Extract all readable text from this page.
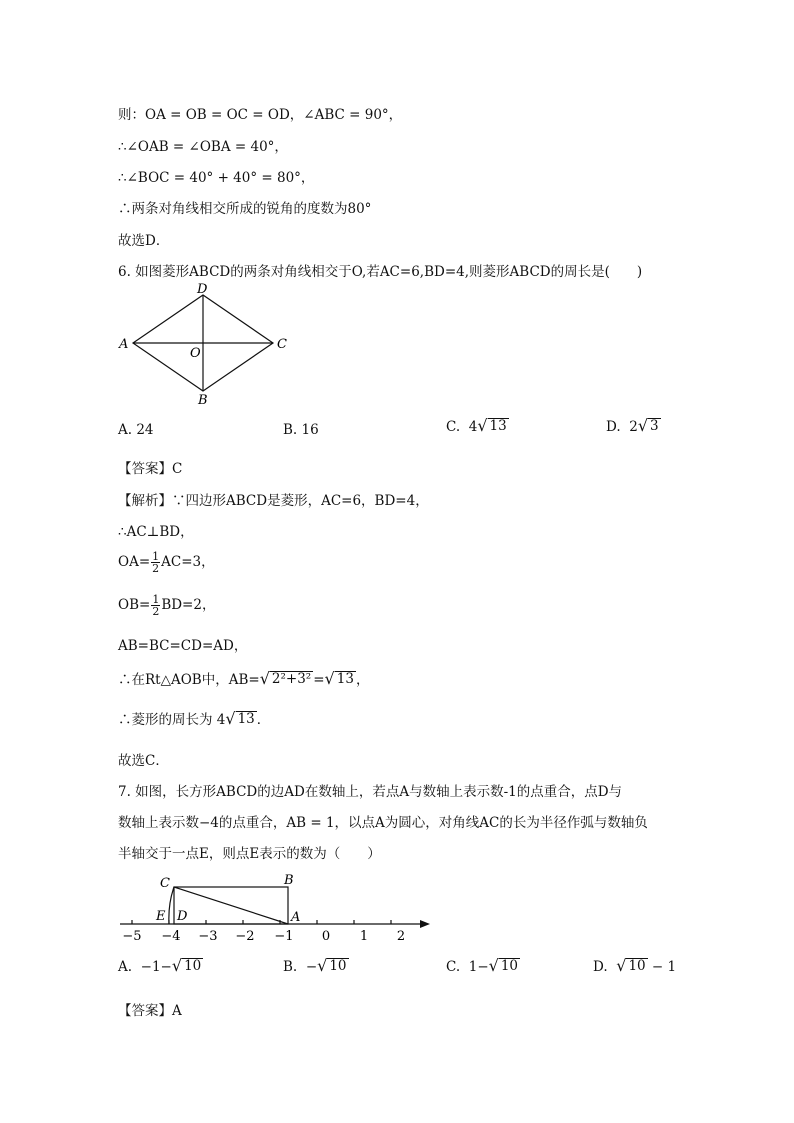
则：OA = OB = OC = OD，∠ABC = 90°，
∴∠OAB = ∠OBA = 40°，
∴∠BOC = 40° + 40° = 80°，
∴两条对角线相交所成的锐角的度数为80°
故选D．
6. 如图菱形ABCD的两条对角线相交于O,若AC=6,BD=4,则菱形ABCD的周长是(　　)
D
A	C
O
B
A. 24	B. 16	C. 4 √ 13	D. 2 √ 3
【答案】C
【解析】∵四边形ABCD是菱形，AC=6，BD=4，
∴AC⊥BD，
$OA= \frac{1}{2} AC=3$，
$OB= \frac{1}{2} BD=2$，
AB=BC=CD=AD，
∴在Rt△AOB中，AB= √ 2²+3² = √ 13 ，
∴菱形的周长为 4 √ 13 ．
故选C．
7. 如图，长方形ABCD的边AD在数轴上，若点A与数轴上表示数-1的点重合，点D与
数轴上表示数−4的点重合，AB = 1，以点A为圆心，对角线AC的长为半径作弧与数轴负
半轴交于一点E，则点E表示的数为（　　）
C	B
E D	A
−5 −4 −3 −2 −1 0 1 2
A. −1− √ 10	B. − √ 10	C. 1− √ 10	D. √ 10 − 1
【答案】A
